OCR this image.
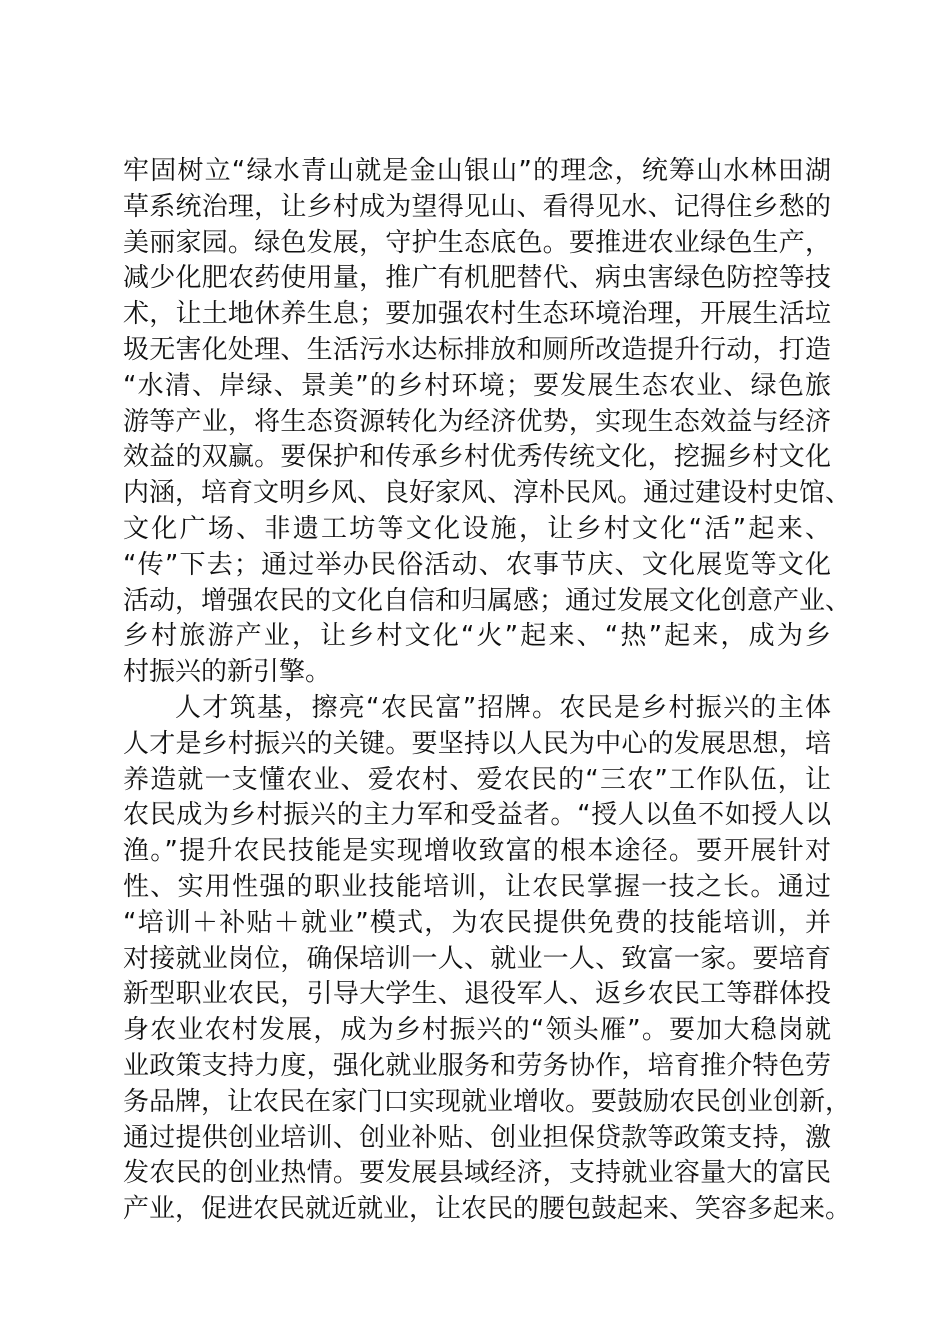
牢固树立“绿水青山就是金山银山”的理念，统筹山水林田湖
草系统治理，让乡村成为望得见山、看得见水、记得住乡愁的
美丽家园。绿色发展，守护生态底色。要推进农业绿色生产，
减少化肥农药使用量，推广有机肥替代、病虫害绿色防控等技
术，让土地休养生息；要加强农村生态环境治理，开展生活垃
圾无害化处理、生活污水达标排放和厕所改造提升行动，打造
“水清、岸绿、景美”的乡村环境；要发展生态农业、绿色旅
游等产业，将生态资源转化为经济优势，实现生态效益与经济
效益的双赢。要保护和传承乡村优秀传统文化，挖掘乡村文化
内涵，培育文明乡风、良好家风、淳朴民风。通过建设村史馆、
文化广场、非遗工坊等文化设施，让乡村文化“活”起来、
“传”下去；通过举办民俗活动、农事节庆、文化展览等文化
活动，增强农民的文化自信和归属感；通过发展文化创意产业、
乡村旅游产业，让乡村文化“火”起来、“热”起来，成为乡
村振兴的新引擎。
人才筑基，擦亮“农民富”招牌。农民是乡村振兴的主体
人才是乡村振兴的关键。要坚持以人民为中心的发展思想，培
养造就一支懂农业、爱农村、爱农民的“三农”工作队伍，让
农民成为乡村振兴的主力军和受益者。“授人以鱼不如授人以
渔。”提升农民技能是实现增收致富的根本途径。要开展针对
性、实用性强的职业技能培训，让农民掌握一技之长。通过
“培训＋补贴＋就业”模式，为农民提供免费的技能培训，并
对接就业岗位，确保培训一人、就业一人、致富一家。要培育
新型职业农民，引导大学生、退役军人、返乡农民工等群体投
身农业农村发展，成为乡村振兴的“领头雁”。要加大稳岗就
业政策支持力度，强化就业服务和劳务协作，培育推介特色劳
务品牌，让农民在家门口实现就业增收。要鼓励农民创业创新，
通过提供创业培训、创业补贴、创业担保贷款等政策支持，激
发农民的创业热情。要发展县域经济，支持就业容量大的富民
产业，促进农民就近就业，让农民的腰包鼓起来、笑容多起来。
